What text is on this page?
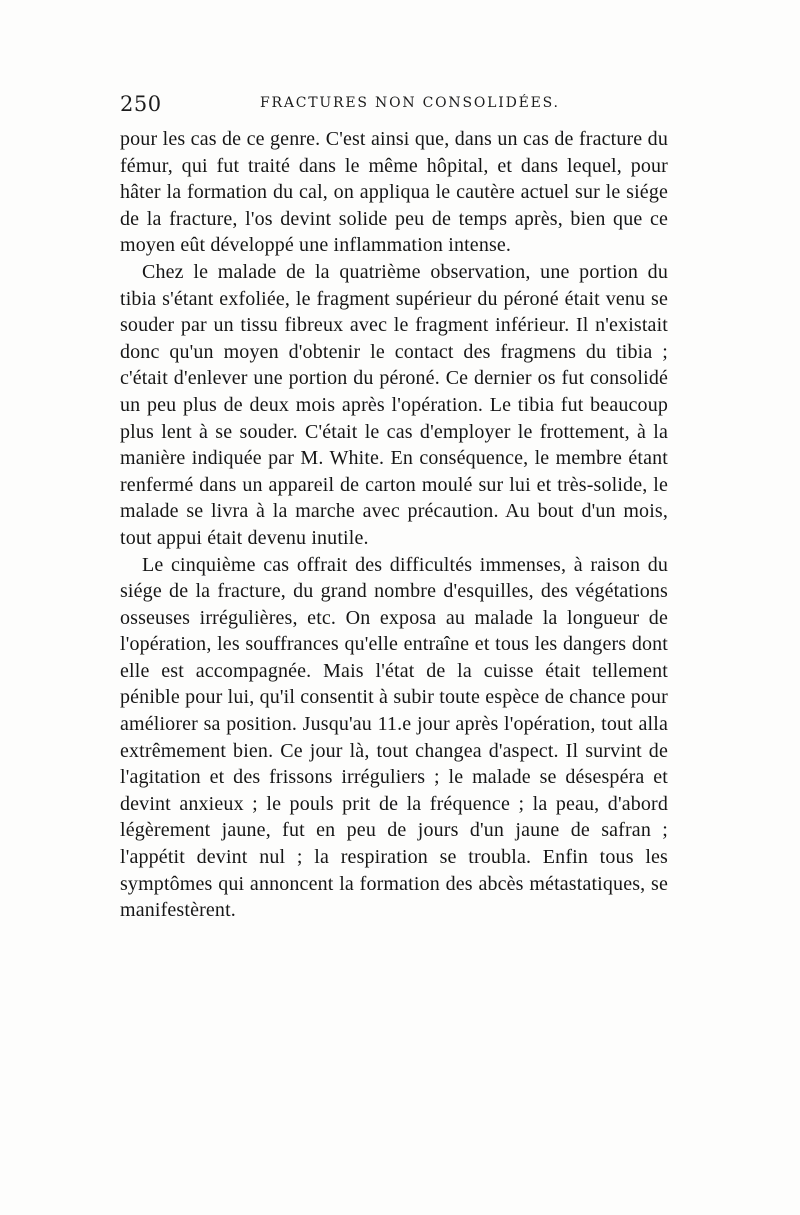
250	FRACTURES NON CONSOLIDÉES.

pour les cas de ce genre. C'est ainsi que, dans un cas de fracture du fémur, qui fut traité dans le même hôpital, et dans lequel, pour hâter la formation du cal, on appliqua le cautère actuel sur le siége de la fracture, l'os devint solide peu de temps après, bien que ce moyen eût développé une inflammation intense.

Chez le malade de la quatrième observation, une portion du tibia s'étant exfoliée, le fragment supérieur du péroné était venu se souder par un tissu fibreux avec le fragment inférieur. Il n'existait donc qu'un moyen d'obtenir le contact des fragmens du tibia ; c'était d'enlever une portion du péroné. Ce dernier os fut consolidé un peu plus de deux mois après l'opération. Le tibia fut beaucoup plus lent à se souder. C'était le cas d'employer le frottement, à la manière indiquée par M. White. En conséquence, le membre étant renfermé dans un appareil de carton moulé sur lui et très-solide, le malade se livra à la marche avec précaution. Au bout d'un mois, tout appui était devenu inutile.

Le cinquième cas offrait des difficultés immenses, à raison du siége de la fracture, du grand nombre d'esquilles, des végétations osseuses irrégulières, etc. On exposa au malade la longueur de l'opération, les souffrances qu'elle entraîne et tous les dangers dont elle est accompagnée. Mais l'état de la cuisse était tellement pénible pour lui, qu'il consentit à subir toute espèce de chance pour améliorer sa position. Jusqu'au 11.e jour après l'opération, tout alla extrêmement bien. Ce jour là, tout changea d'aspect. Il survint de l'agitation et des frissons irréguliers ; le malade se désespéra et devint anxieux ; le pouls prit de la fréquence ; la peau, d'abord légèrement jaune, fut en peu de jours d'un jaune de safran ; l'appétit devint nul ; la respiration se troubla. Enfin tous les symptômes qui annoncent la formation des abcès métastatiques, se manifestèrent.
